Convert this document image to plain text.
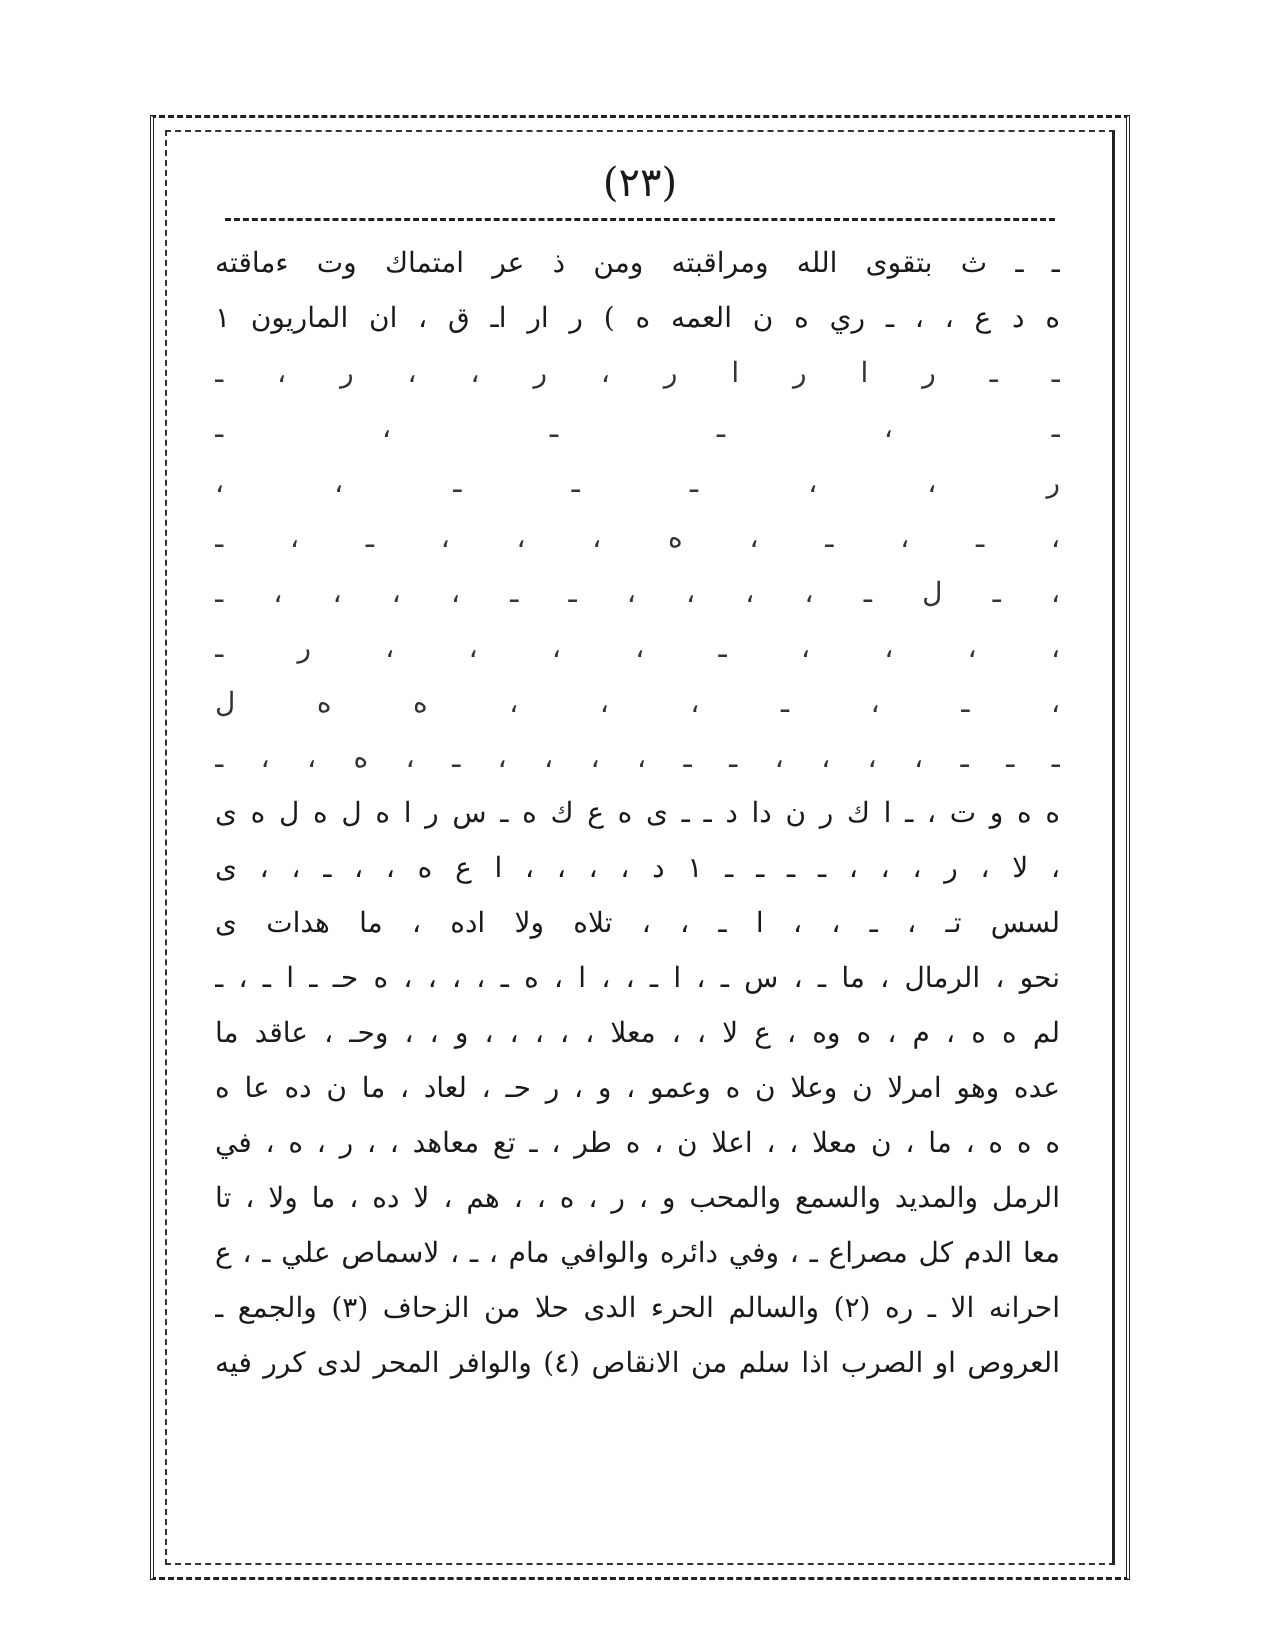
(٢٣)
ـ ـ ث بتقوى الله ومراقبته ومن ذ عر امتماك وت ءماقته
ه د ع ، ، ـ ري ه ن العمه ه ) ر ار اـ ق ، ان الماريون ١
ـ ـ ر ا ر ا ر ، ر ، ، ر ، ـ
ـ ، ـ ـ ، ـ
ر ، ، ـ ـ ـ ، ،
، ـ ، ـ ، ه ، ، ، ـ ، ـ
، ـ ل ـ ، ، ، ، ـ ـ ، ، ، ، ـ
، ، ، ، ـ ، ، ، ، ر ـ
، ـ ، ـ ، ، ، ه ه ل
ـ ـ ـ ، ، ، ، ـ ـ ، ، ، ، ـ ، ه ، ، ـ
ه ه و ت ، ـ ا ك ر ن دا د ـ ـ ى ه ع ك ه ـ س ر ا ه ل ه ل ه ى
، لا ، ر ، ، ، ـ ـ ـ ـ ١ د ، ، ، ، ا ع ه ، ، ـ ، ، ى
لسس تـ ، ـ ، ، ا ـ ، ، تلاه ولا اده ، ما هدات ى
نحو ، الرمال ، ما ـ ، س ـ ، ا ـ ، ، ا ، ه ـ ، ، ، ، ه حـ ـ ا ـ ، ـ
لم ه ه ، م ، ه وه ، ع لا ، ، معلا ، ، ، ، ، و ، ، وحـ ، عاقد ما
عده وهو امرلا ن وعلا ن ه وعمو ، و ، ر حـ ، لعاد ، ما ن ده عا ه
ه ه ه ، ما ، ن معلا ، ، اعلا ن ، ه طر ، ـ تع معاهد ، ، ر ، ه ، في
الرمل والمديد والسمع والمحب و ، ر ، ه ، ، هم ، لا ده ، ما ولا ، تا
معا الدم كل مصراع ـ ، وفي دائره والوافي مام ، ـ ، لاسماص علي ـ ، ع
احرانه الا ـ ره (٢) والسالم الحرء الدى حلا من الزحاف (٣) والجمع ـ
العروص او الصرب اذا سلم من الانقاص (٤) والوافر المحر لدى كرر فيه
